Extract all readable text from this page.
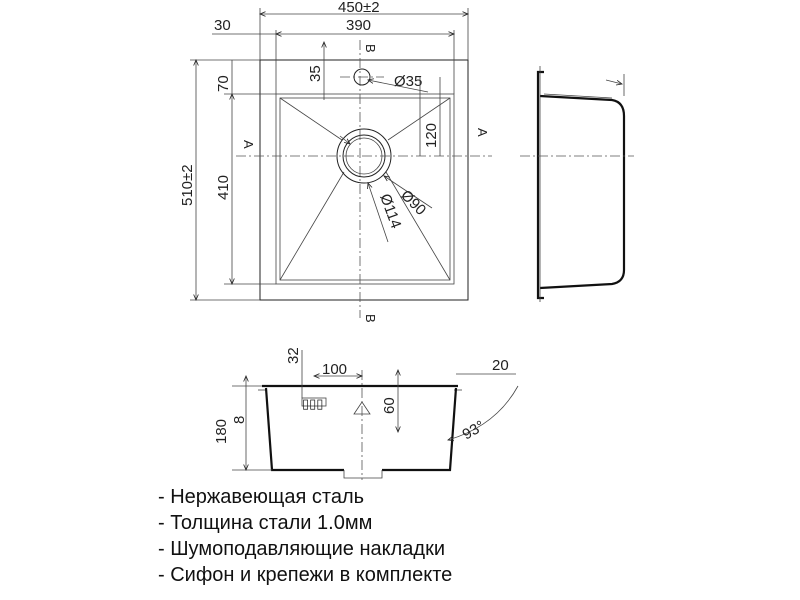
450±2
390
30
510±2 410
70
35	Ø35
120
Ø90
Ø114
A
A
B
B
▯▯▯
180 8
32
100
60
20
93°
- Нержавеющая сталь
- Толщина стали 1.0мм
- Шумоподавляющие накладки
- Сифон и крепежи в комплекте
